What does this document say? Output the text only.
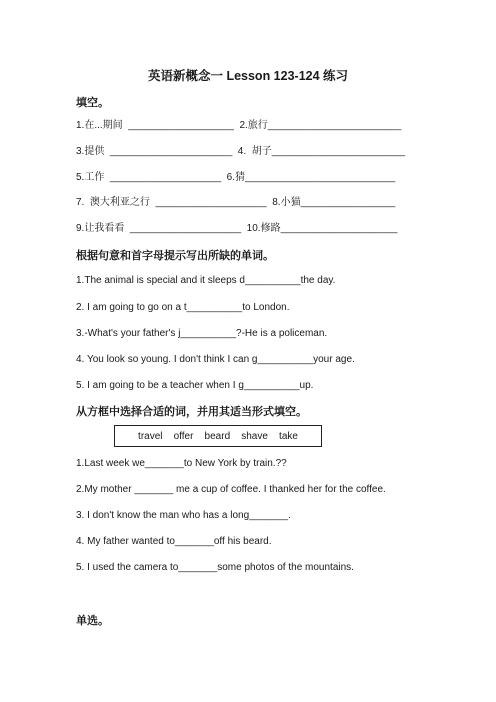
英语新概念一 Lesson 123-124 练习
填空。
1.在...期间  ___________________  2.旅行________________________
3.提供  ______________________  4.  胡子________________________
5.工作  ____________________  6.猜___________________________
7.  澳大利亚之行  ____________________  8.小猫_________________
9.让我看看  ____________________  10.修路_____________________
根据句意和首字母提示写出所缺的单词。
1.The animal is special and it sleeps d__________the day.
2. I am going to go on a t__________to London.
3.-What's your father's j__________?-He is a policeman.
4. You look so young. I don't think I can g__________your age.
5. I am going to be a teacher when I g__________up.
从方框中选择合适的词，并用其适当形式填空。
travel    offer    beard    shave    take
1.Last week we_______to New York by train.??
2.My mother _______ me a cup of coffee. I thanked her for the coffee.
3. I don't know the man who has a long_______.
4. My father wanted to_______off his beard.
5. I used the camera to_______some photos of the mountains.
单选。
